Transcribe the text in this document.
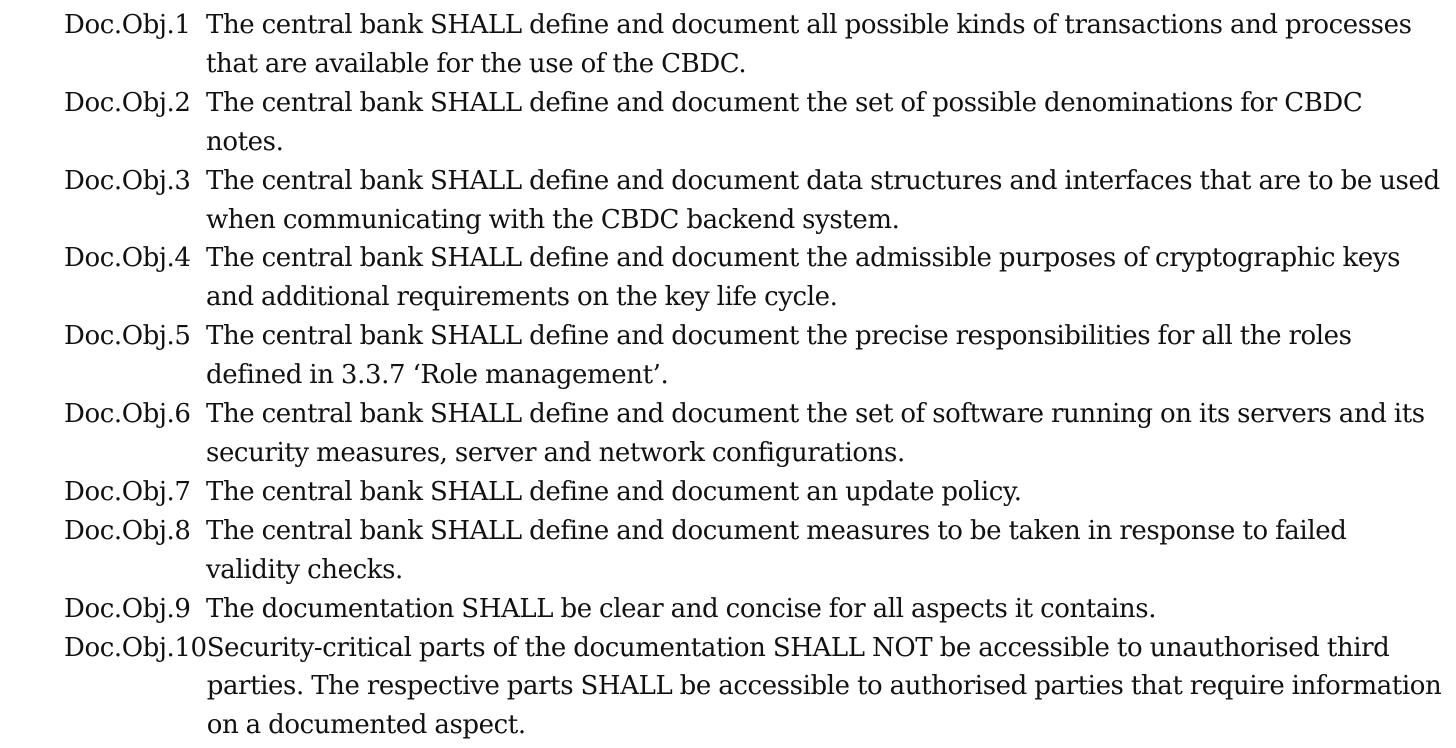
Doc.Obj.1 The central bank SHALL define and document all possible kinds of transactions and processes
that are available for the use of the CBDC.
Doc.Obj.2 The central bank SHALL define and document the set of possible denominations for CBDC
notes.
Doc.Obj.3 The central bank SHALL define and document data structures and interfaces that are to be used
when communicating with the CBDC backend system.
Doc.Obj.4 The central bank SHALL define and document the admissible purposes of cryptographic keys
and additional requirements on the key life cycle.
Doc.Obj.5 The central bank SHALL define and document the precise responsibilities for all the roles
defined in 3.3.7 ‘Role management’.
Doc.Obj.6 The central bank SHALL define and document the set of software running on its servers and its
security measures, server and network configurations.
Doc.Obj.7 The central bank SHALL define and document an update policy.
Doc.Obj.8 The central bank SHALL define and document measures to be taken in response to failed
validity checks.
Doc.Obj.9 The documentation SHALL be clear and concise for all aspects it contains.
Doc.Obj.10 Security-critical parts of the documentation SHALL NOT be accessible to unauthorised third
parties. The respective parts SHALL be accessible to authorised parties that require information
on a documented aspect.
